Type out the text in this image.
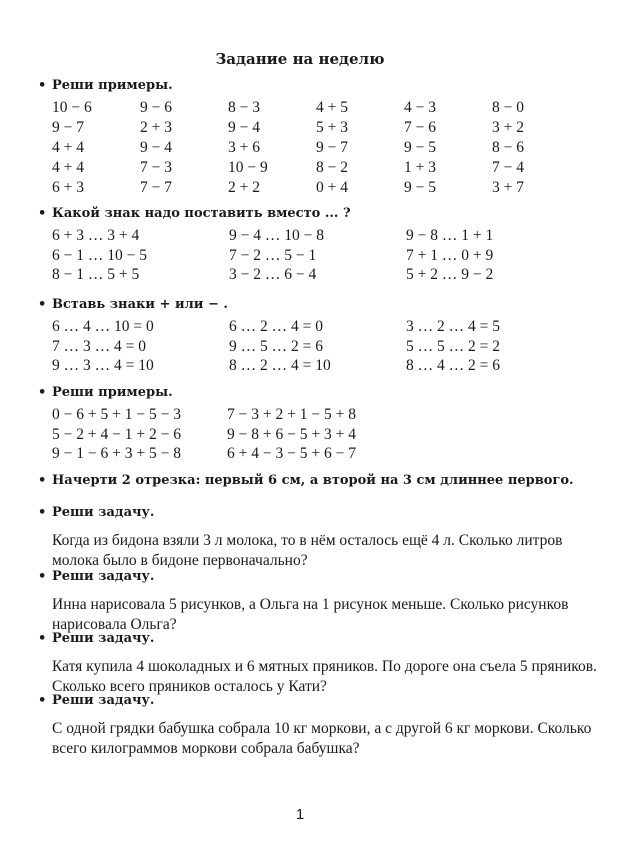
Задание на неделю
• Реши примеры.
10 − 6	9 − 6	8 − 3	4 + 5	4 − 3	8 − 0
9 − 7	2 + 3	9 − 4	5 + 3	7 − 6	3 + 2
4 + 4	9 − 4	3 + 6	9 − 7	9 − 5	8 − 6
4 + 4	7 − 3	10 − 9	8 − 2	1 + 3	7 − 4
6 + 3	7 − 7	2 + 2	0 + 4	9 − 5	3 + 7
• Какой знак надо поставить вместо ... ?
6 + 3 … 3 + 4	9 − 4 … 10 − 8	9 − 8 … 1 + 1
6 − 1 … 10 − 5	7 − 2 … 5 − 1	7 + 1 … 0 + 9
8 − 1 … 5 + 5	3 − 2 … 6 − 4	5 + 2 … 9 − 2
• Вставь знаки + или − .
6 … 4 … 10 = 0	6 … 2 … 4 = 0	3 … 2 … 4 = 5
7 … 3 … 4 = 0	9 … 5 … 2 = 6	5 … 5 … 2 = 2
9 … 3 … 4 = 10	8 … 2 … 4 = 10	8 … 4 … 2 = 6
• Реши примеры.
0 − 6 + 5 + 1 − 5 − 3	7 − 3 + 2 + 1 − 5 + 8
5 − 2 + 4 − 1 + 2 − 6	9 − 8 + 6 − 5 + 3 + 4
9 − 1 − 6 + 3 + 5 − 8	6 + 4 − 3 − 5 + 6 − 7
• Начерти 2 отрезка: первый 6 см, а второй на 3 см длиннее первого.
• Реши задачу.
Когда из бидона взяли 3 л молока, то в нём осталось ещё 4 л. Сколько литров молока было в бидоне первоначально?
• Реши задачу.
Инна нарисовала 5 рисунков, а Ольга на 1 рисунок меньше. Сколько рисунков нарисовала Ольга?
• Реши задачу.
Катя купила 4 шоколадных и 6 мятных пряников. По дороге она съела 5 пряников. Сколько всего пряников осталось у Кати?
• Реши задачу.
С одной грядки бабушка собрала 10 кг моркови, а с другой 6 кг моркови. Сколько всего килограммов моркови собрала бабушка?
1
